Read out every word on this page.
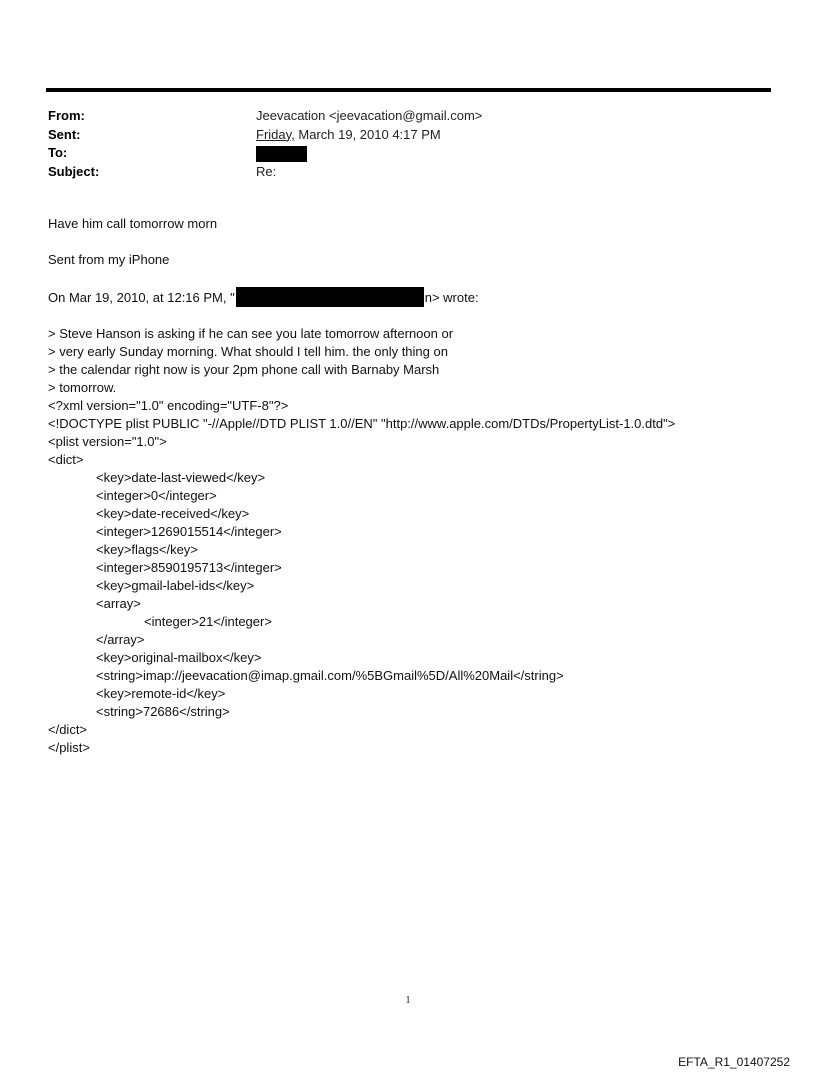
From:	Jeevacation <jeevacation@gmail.com>
Sent:	Friday, March 19, 2010 4:17 PM
To:
Subject:	Re:

Have him call tomorrow morn

Sent from my iPhone

On Mar 19, 2010, at 12:16 PM, "	n> wrote:

> Steve Hanson is asking if he can see you late tomorrow afternoon or

> very early Sunday morning. What should I tell him. the only thing on

> the calendar right now is your 2pm phone call with Barnaby Marsh

> tomorrow.

<?xml version="1.0" encoding="UTF-8"?>

<!DOCTYPE plist PUBLIC "-//Apple//DTD PLIST 1.0//EN" "http://www.apple.com/DTDs/PropertyList-1.0.dtd">

<plist version="1.0">

<dict>

<key>date-last-viewed</key>

<integer>0</integer>

<key>date-received</key>

<integer>1269015514</integer>

<key>flags</key>

<integer>8590195713</integer>

<key>gmail-label-ids</key>

<array>

<integer>21</integer>

</array>

<key>original-mailbox</key>

<string>imap://jeevacation@imap.gmail.com/%5BGmail%5D/All%20Mail</string>

<key>remote-id</key>

<string>72686</string>

</dict>

</plist>

1
EFTA_R1_01407252
